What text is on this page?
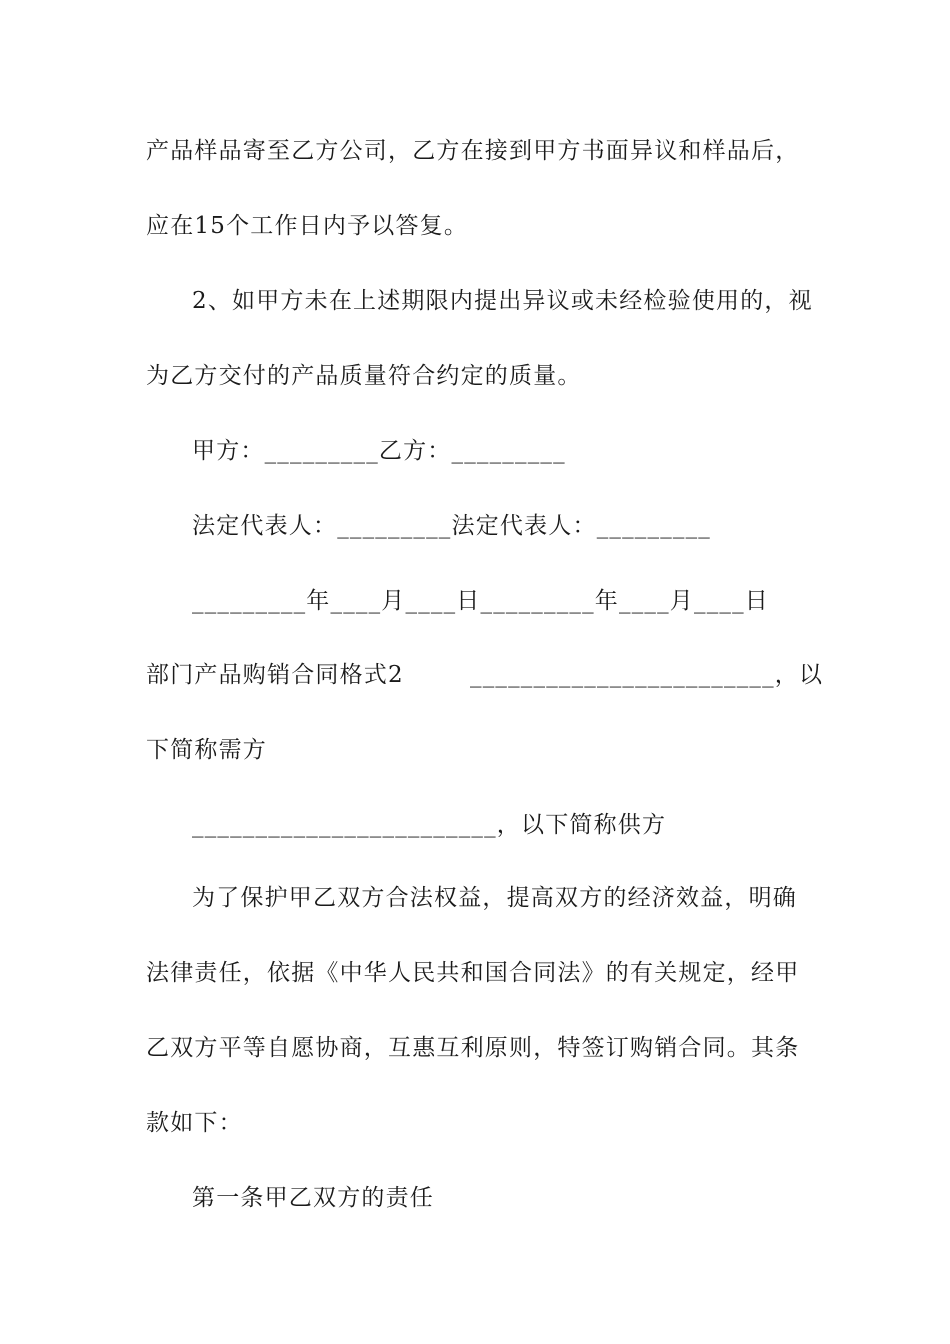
产品样品寄至乙方公司，乙方在接到甲方书面异议和样品后，
应在15个工作日内予以答复。
2、如甲方未在上述期限内提出异议或未经检验使用的，视
为乙方交付的产品质量符合约定的质量。
甲方：_________乙方：_________
法定代表人：_________法定代表人：_________
_________年____月____日_________年____月____日
部门产品购销合同格式2	________________________，以
下简称需方
________________________，以下简称供方
为了保护甲乙双方合法权益，提高双方的经济效益，明确
法律责任，依据《中华人民共和国合同法》的有关规定，经甲
乙双方平等自愿协商，互惠互利原则，特签订购销合同。其条
款如下：
第一条甲乙双方的责任
